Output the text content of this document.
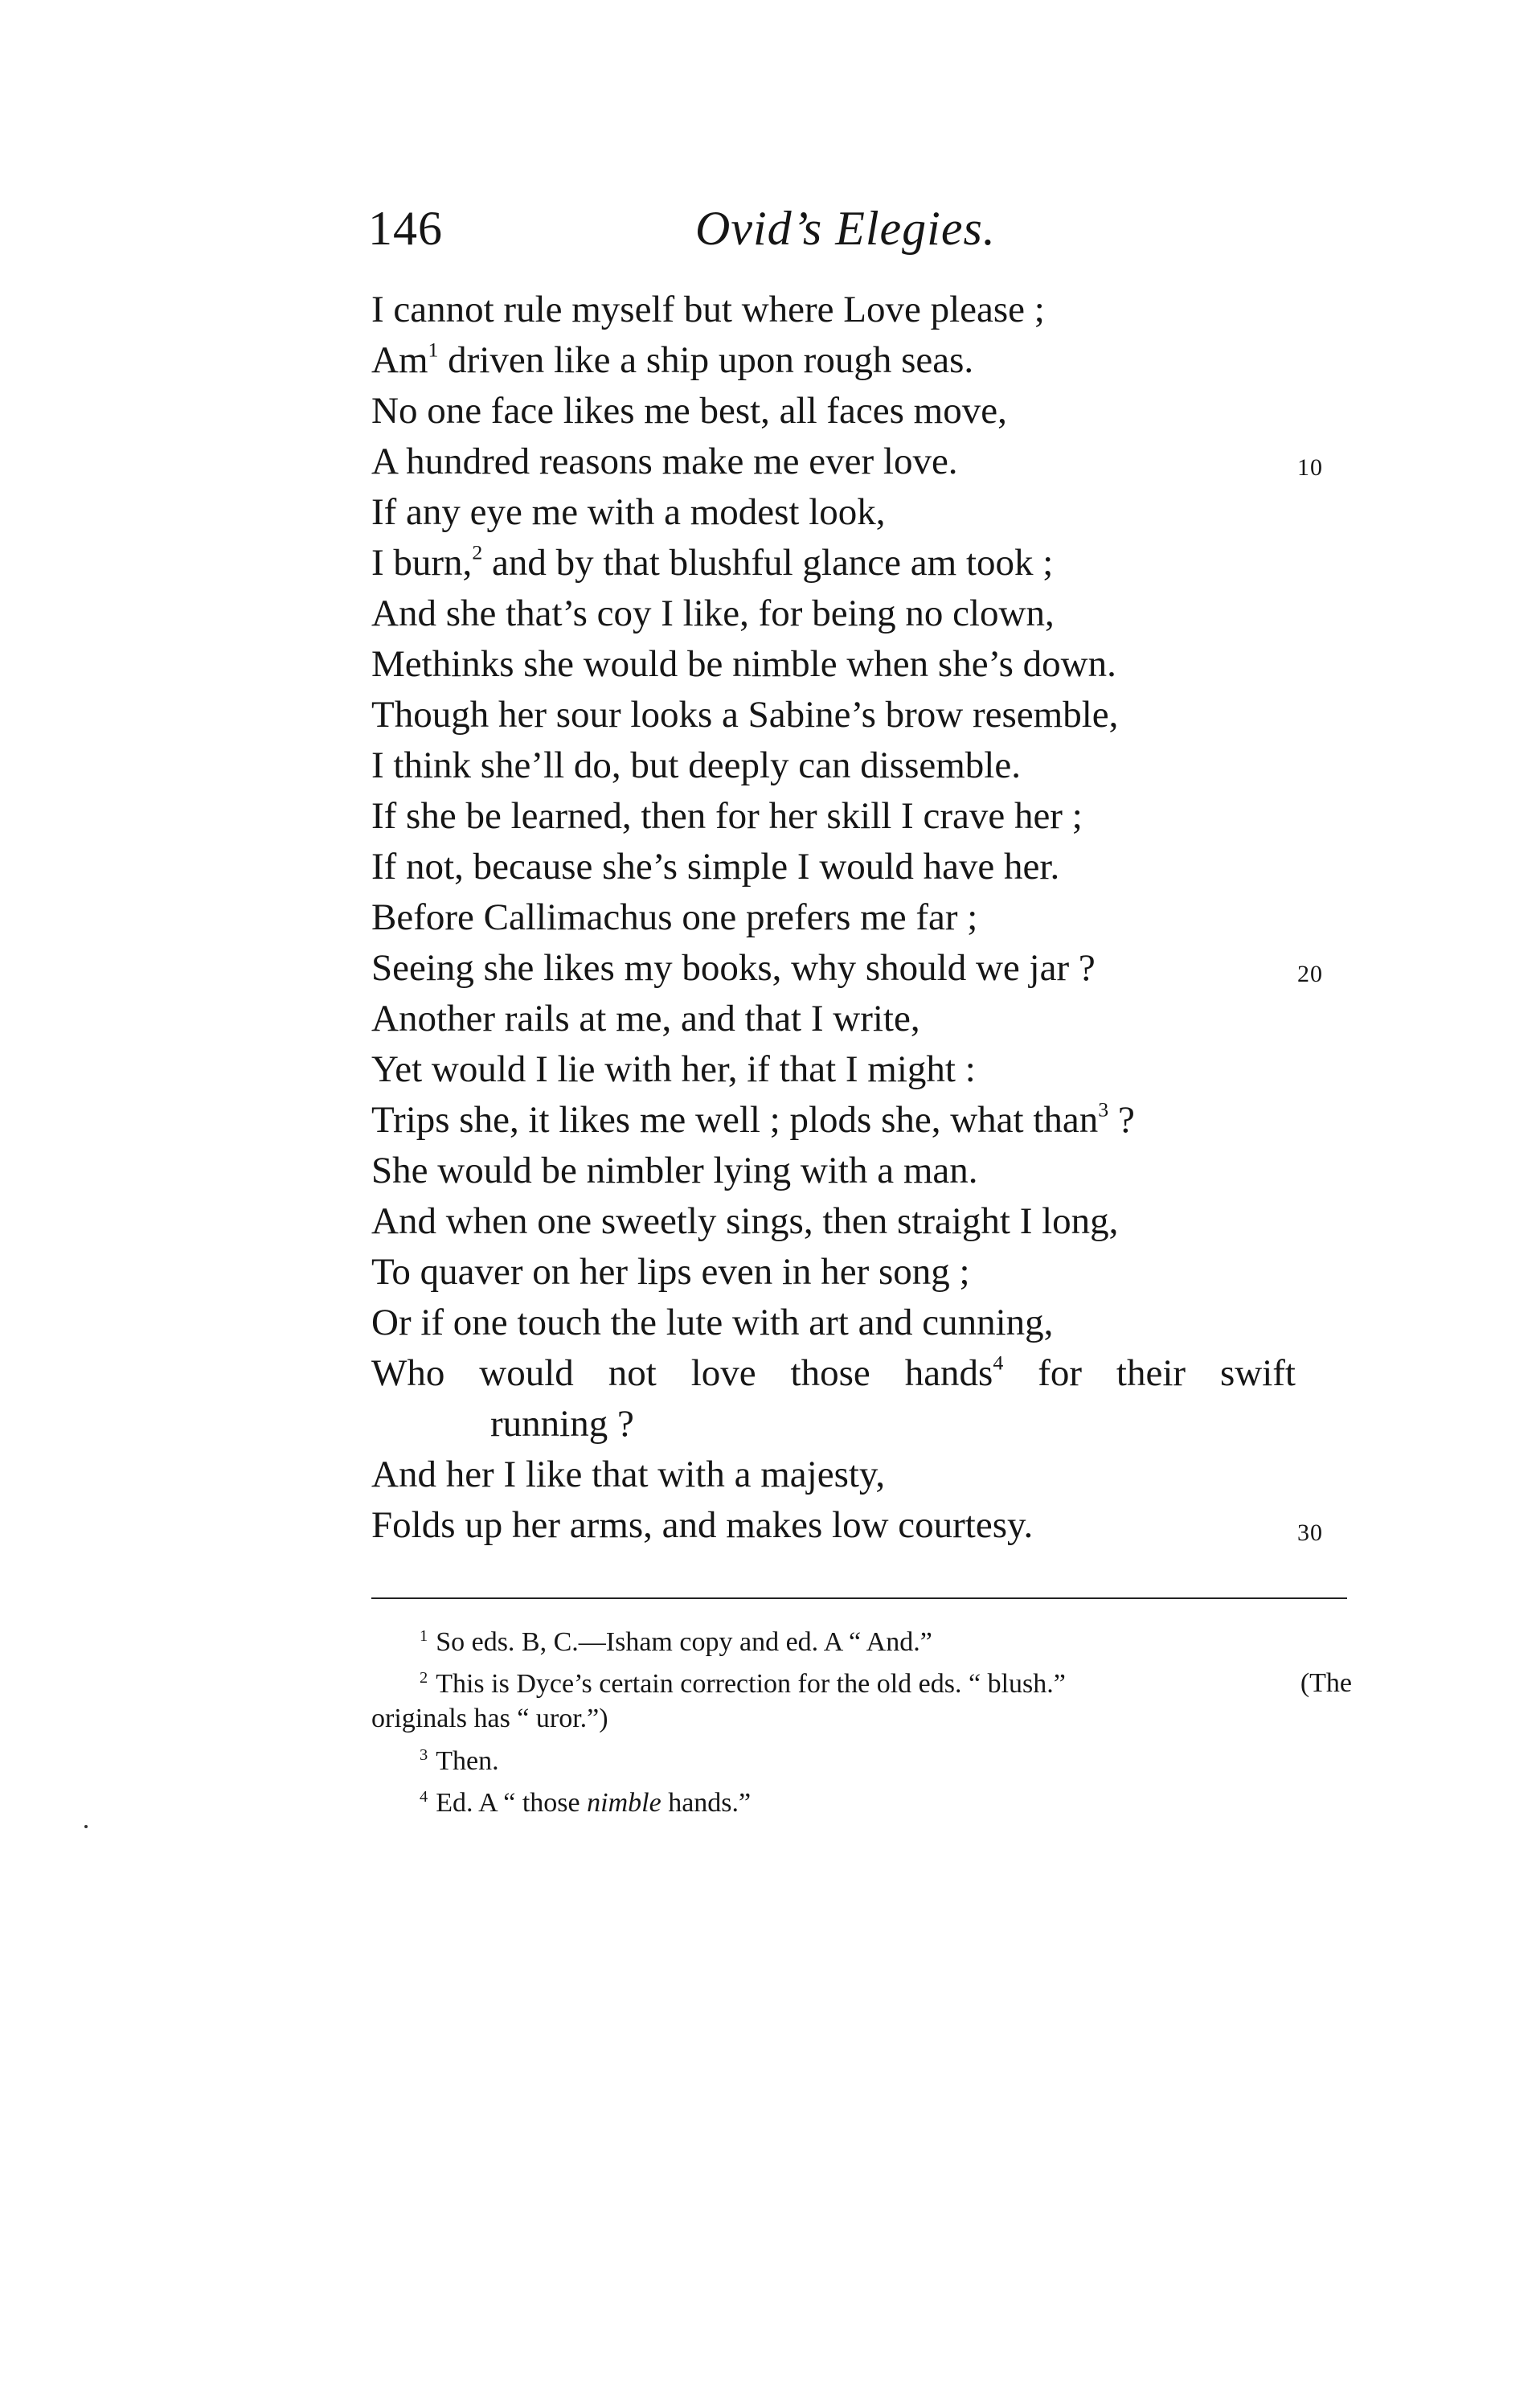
146	Ovid’s Elegies.
I cannot rule myself but where Love please ;
Am$^1$ driven like a ship upon rough seas.
No one face likes me best, all faces move,
A hundred reasons make me ever love.	10
If any eye me with a modest look,
I burn,$^2$ and by that blushful glance am took ;
And she that’s coy I like, for being no clown,
Methinks she would be nimble when she’s down.
Though her sour looks a Sabine’s brow resemble,
I think she’ll do, but deeply can dissemble.
If she be learned, then for her skill I crave her ;
If not, because she’s simple I would have her.
Before Callimachus one prefers me far ;
Seeing she likes my books, why should we jar ?	20
Another rails at me, and that I write,
Yet would I lie with her, if that I might :
Trips she, it likes me well ; plods she, what than$^3$ ?
She would be nimbler lying with a man.
And when one sweetly sings, then straight I long,
To quaver on her lips even in her song ;
Or if one touch the lute with art and cunning,
Who would not love those hands$^4$ for their swift
running ?
And her I like that with a majesty,
Folds up her arms, and makes low courtesy.	30
$^1$ So eds. B, C.—Isham copy and ed. A “ And.”
$^2$ This is Dyce’s certain correction for the old eds. “ blush.”	(The
originals has “ uror.”)
$^3$ Then.
$^4$ Ed. A “ those nimble hands.”
